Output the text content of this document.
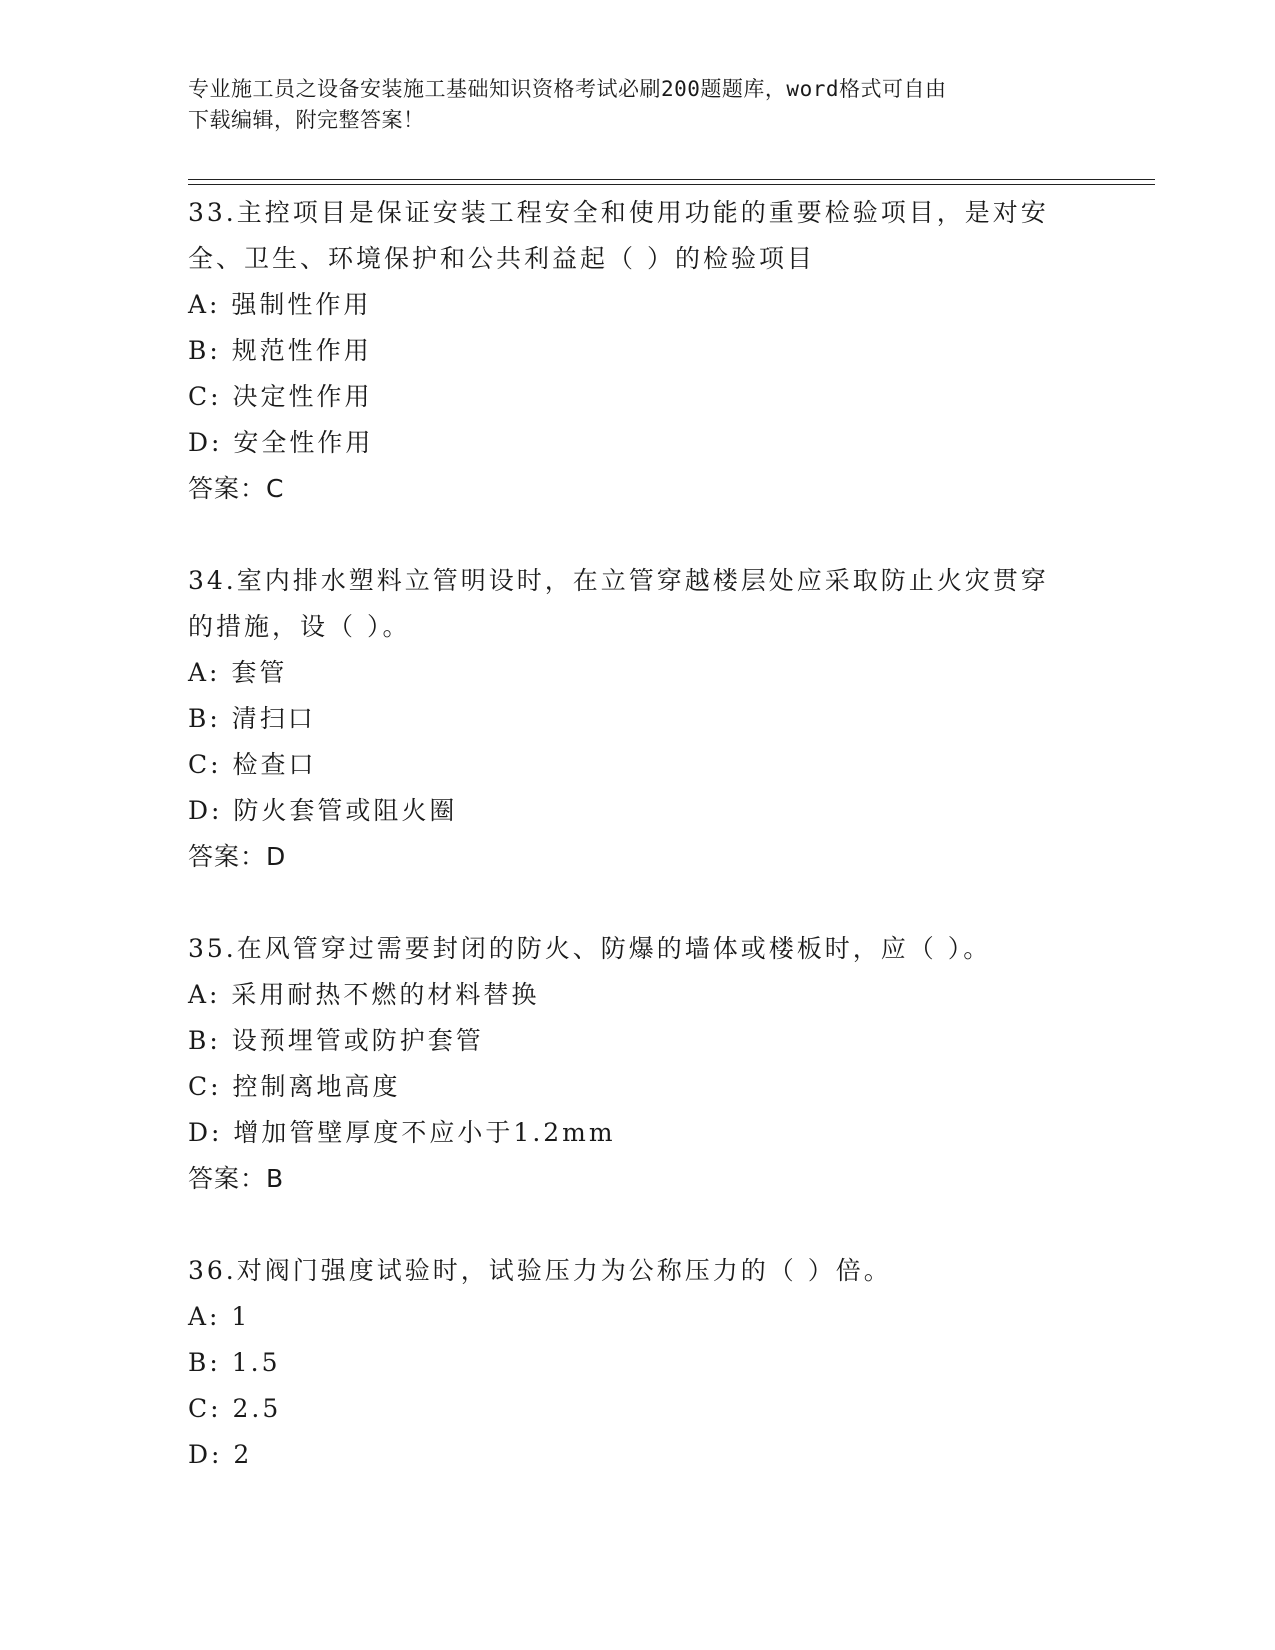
专业施工员之设备安装施工基础知识资格考试必刷200题题库，word格式可自由
下载编辑，附完整答案！
33.主控项目是保证安装工程安全和使用功能的重要检验项目，是对安
全、卫生、环境保护和公共利益起（ ）的检验项目
A: 强制性作用
B: 规范性作用
C: 决定性作用
D: 安全性作用
答案：C
34.室内排水塑料立管明设时，在立管穿越楼层处应采取防止火灾贯穿
的措施，设（ ）。
A: 套管
B: 清扫口
C: 检查口
D: 防火套管或阻火圈
答案：D
35.在风管穿过需要封闭的防火、防爆的墙体或楼板时，应（ ）。
A: 采用耐热不燃的材料替换
B: 设预埋管或防护套管
C: 控制离地高度
D: 增加管壁厚度不应小于1.2mm
答案：B
36.对阀门强度试验时，试验压力为公称压力的（ ）倍。
A: 1
B: 1.5
C: 2.5
D: 2
